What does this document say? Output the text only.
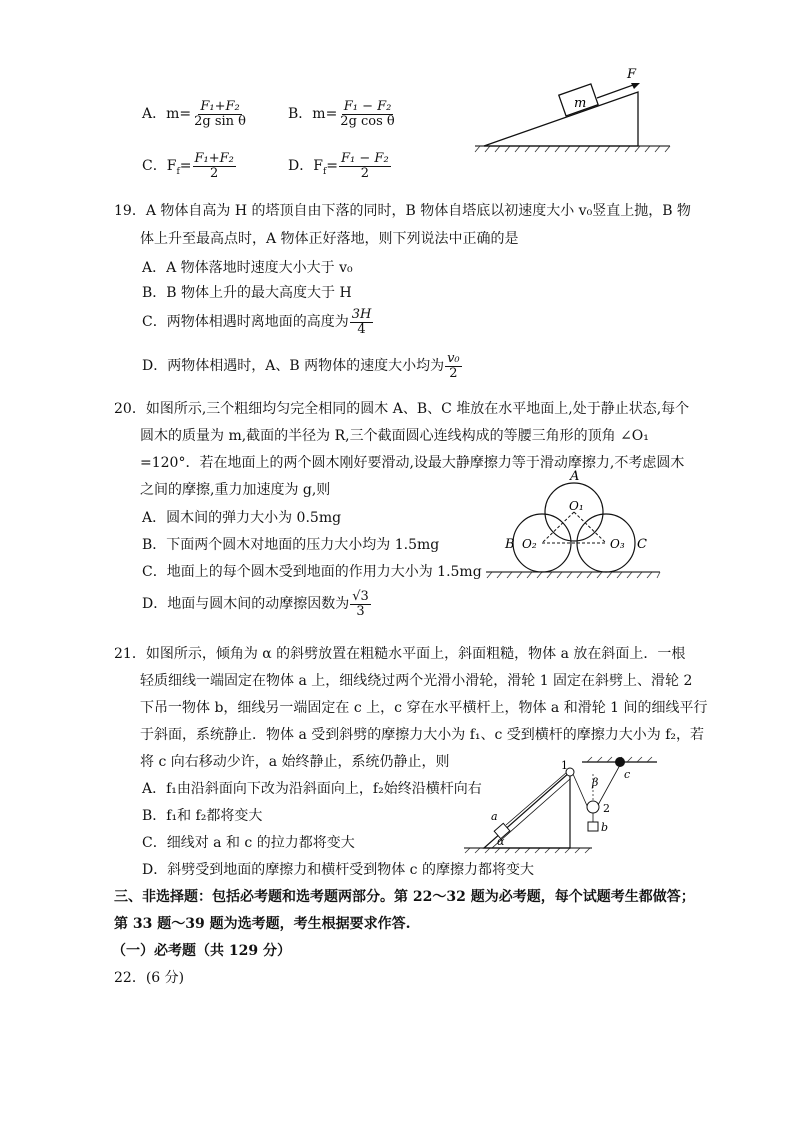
A．$m= \frac{\text{F₁+F₂}}{\text{2g sin θ}}$	B．$m= \frac{\text{F₁ − F₂}}{\text{2g cos θ}}$
C．$F_f= \frac{\text{F₁+F₂}}{2}$	D．$F_f= \frac{\text{F₁ − F₂}}{2}$
m
F
19．A 物体自高为 H 的塔顶自由下落的同时，B 物体自塔底以初速度大小 v₀竖直上抛，B 物
体上升至最高点时，A 物体正好落地，则下列说法中正确的是
A．A 物体落地时速度大小大于 v₀
B．B 物体上升的最大高度大于 H
C．两物体相遇时离地面的高度为 $\frac{3H}{4}$
D．两物体相遇时，A、B 两物体的速度大小均为 $\frac{\text{v₀}}{2}$
20．如图所示,三个粗细均匀完全相同的圆木 A、B、C 堆放在水平地面上,处于静止状态,每个
圆木的质量为 m,截面的半径为 R,三个截面圆心连线构成的等腰三角形的顶角 ∠O₁
=120°．若在地面上的两个圆木刚好要滑动,设最大静摩擦力等于滑动摩擦力,不考虑圆木
之间的摩擦,重力加速度为 g,则
A．圆木间的弹力大小为 0.5mg
B．下面两个圆木对地面的压力大小均为 1.5mg
C．地面上的每个圆木受到地面的作用力大小为 1.5mg
D．地面与圆木间的动摩擦因数为 $\frac{√3}{3}$
A
B	C
O₁
O₂	O₃
21．如图所示，倾角为 α 的斜劈放置在粗糙水平面上，斜面粗糙，物体 a 放在斜面上．一根
轻质细线一端固定在物体 a 上，细线绕过两个光滑小滑轮，滑轮 1 固定在斜劈上、滑轮 2
下吊一物体 b，细线另一端固定在 c 上，c 穿在水平横杆上，物体 a 和滑轮 1 间的细线平行
于斜面，系统静止．物体 a 受到斜劈的摩擦力大小为 f₁、c 受到横杆的摩擦力大小为 f₂，若
将 c 向右移动少许，a 始终静止，系统仍静止，则
A．f₁由沿斜面向下改为沿斜面向上，f₂始终沿横杆向右
B．f₁和 f₂都将变大
C．细线对 a 和 c 的拉力都将变大
D．斜劈受到地面的摩擦力和横杆受到物体 c 的摩擦力都将变大
1
2
a
b
c
α
β
三、非选择题：包括必考题和选考题两部分。第 22～32 题为必考题，每个试题考生都做答；
第 33 题～39 题为选考题，考生根据要求作答.
（一）必考题（共 129 分）
22．(6 分)
